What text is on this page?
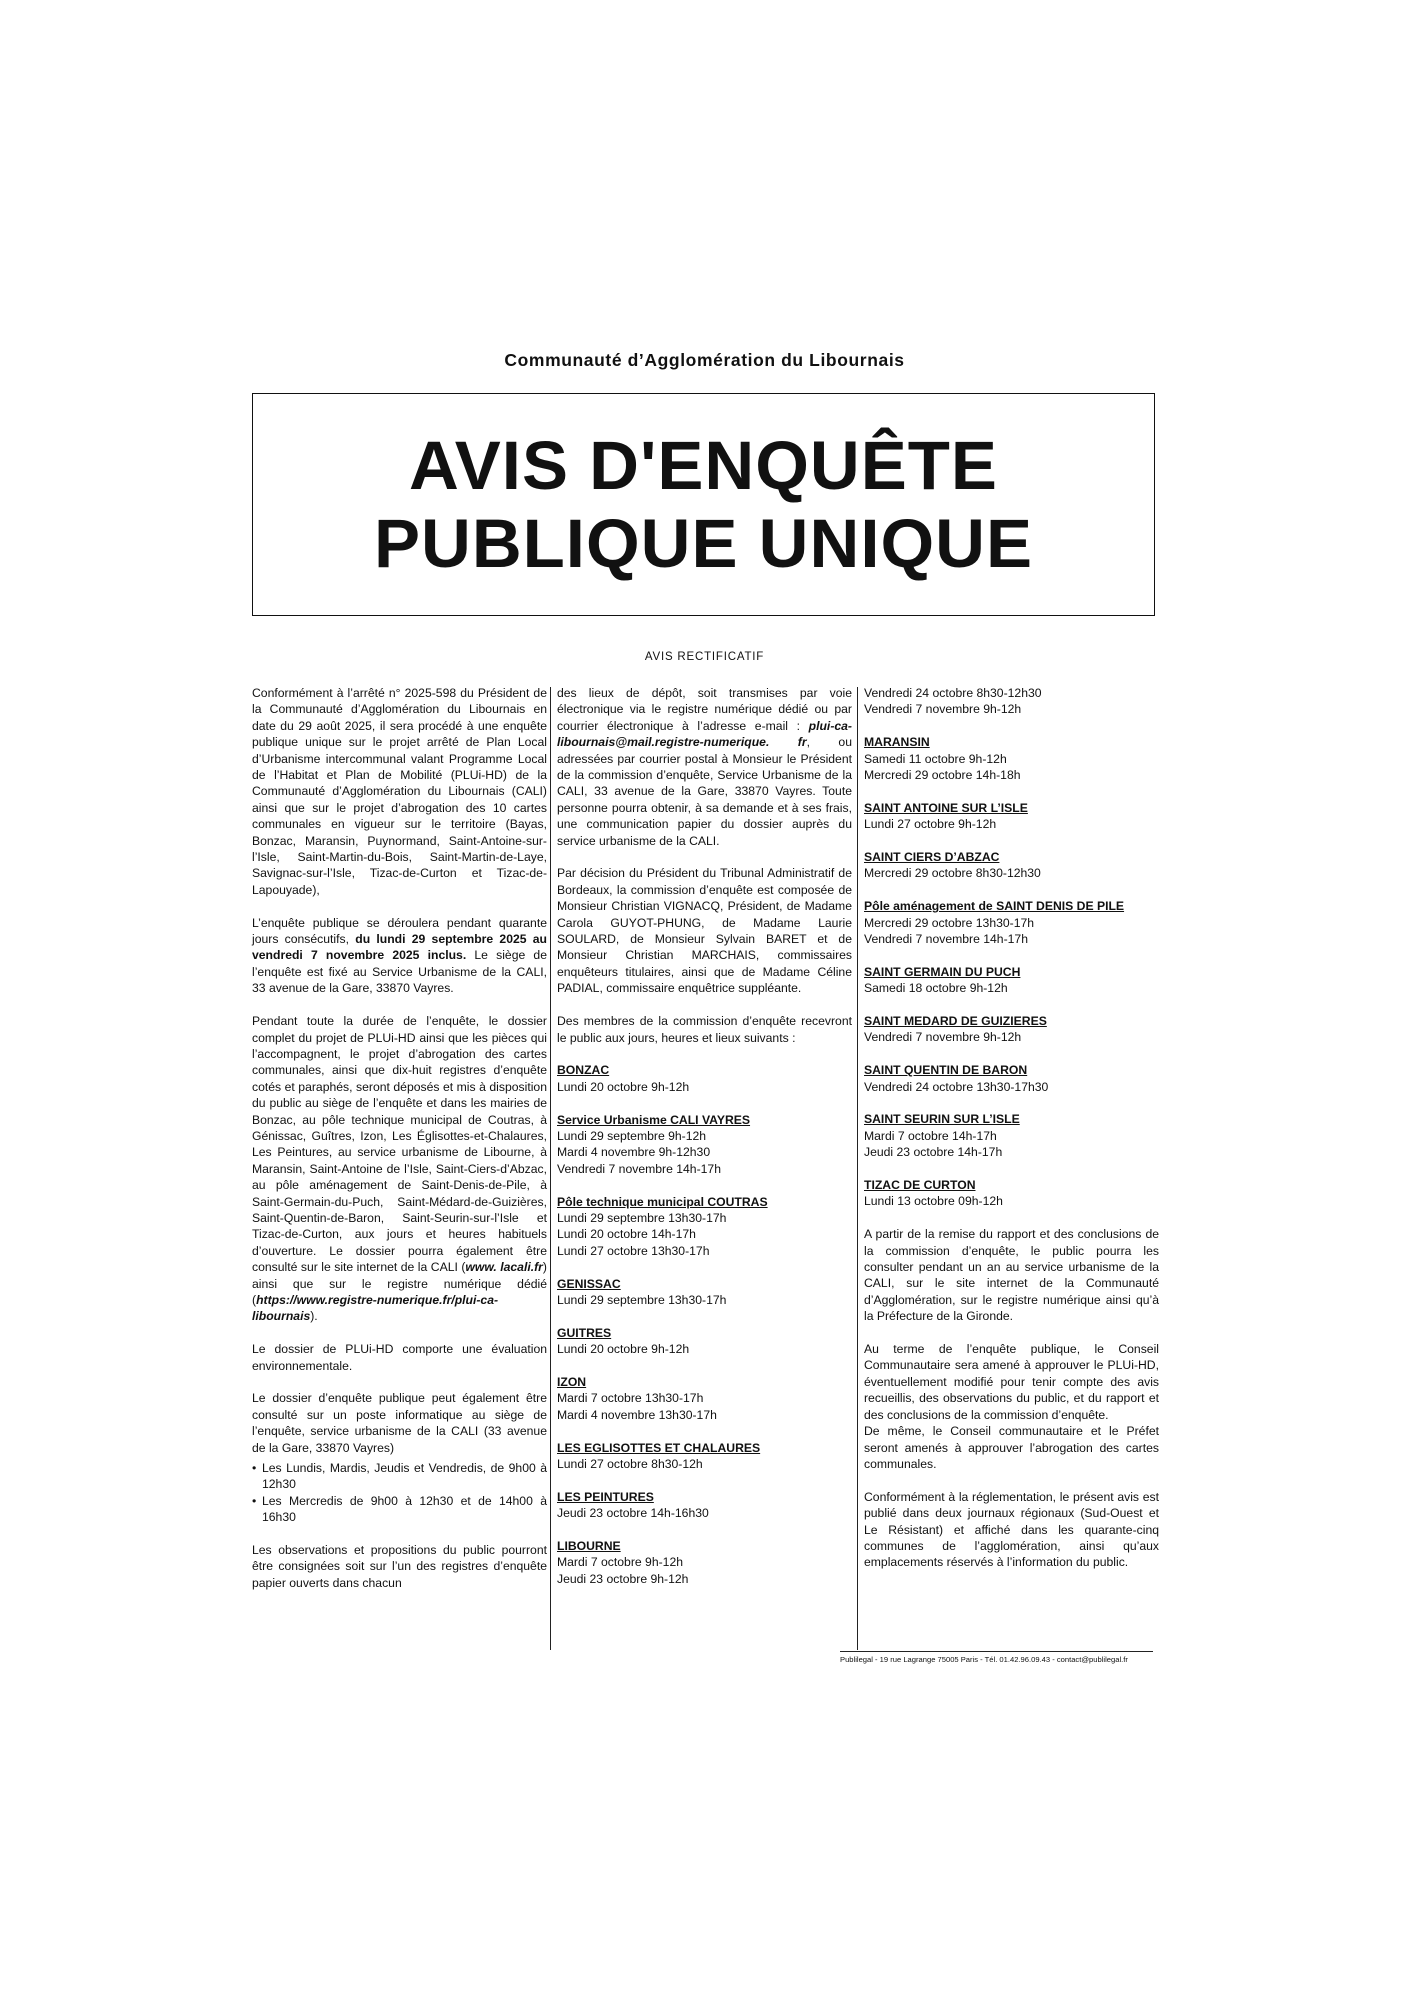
Communauté d’Agglomération du Libournais
AVIS D'ENQUÊTE
PUBLIQUE UNIQUE
AVIS RECTIFICATIF

Conformément à l’arrêté n° 2025-598 du Président de la Communauté d’Agglomération du Libournais en date du 29 août 2025, il sera procédé à une enquête publique unique sur le projet arrêté de Plan Local d’Urbanisme intercommunal valant Programme Local de l’Habitat et Plan de Mobilité (PLUi-HD) de la Communauté d’Agglomération du Libournais (CALI) ainsi que sur le projet d’abrogation des 10 cartes communales en vigueur sur le territoire (Bayas, Bonzac, Maransin, Puynormand, Saint-Antoine-sur-l’Isle, Saint-Martin-du-Bois, Saint-Martin-de-Laye, Savignac-sur-l’Isle, Tizac-de-Curton et Tizac-de-Lapouyade),

L’enquête publique se déroulera pendant quarante jours consécutifs, du lundi 29 septembre 2025 au vendredi 7 novembre 2025 inclus. Le siège de l’enquête est fixé au Service Urbanisme de la CALI, 33 avenue de la Gare, 33870 Vayres.

Pendant toute la durée de l’enquête, le dossier complet du projet de PLUi-HD ainsi que les pièces qui l’accompagnent, le projet d’abrogation des cartes communales, ainsi que dix-huit registres d’enquête cotés et paraphés, seront déposés et mis à disposition du public au siège de l’enquête et dans les mairies de Bonzac, au pôle technique municipal de Coutras, à Génissac, Guîtres, Izon, Les Églisottes-et-Chalaures, Les Peintures, au service urbanisme de Libourne, à Maransin, Saint-Antoine de l’Isle, Saint-Ciers-d’Abzac, au pôle aménagement de Saint-Denis-de-Pile, à Saint-Germain-du-Puch, Saint-Médard-de-Guizières, Saint-Quentin-de-Baron, Saint-Seurin-sur-l’Isle et Tizac-de-Curton, aux jours et heures habituels d’ouverture. Le dossier pourra également être consulté sur le site internet de la CALI (www. lacali.fr) ainsi que sur le registre numérique dédié (https://www.registre-numerique.fr/plui-ca-libournais).

Le dossier de PLUi-HD comporte une évaluation environnementale.

Le dossier d’enquête publique peut également être consulté sur un poste informatique au siège de l’enquête, service urbanisme de la CALI (33 avenue de la Gare, 33870 Vayres)

• Les Lundis, Mardis, Jeudis et Vendredis, de 9h00 à 12h30
• Les Mercredis de 9h00 à 12h30 et de 14h00 à 16h30

Les observations et propositions du public pourront être consignées soit sur l’un des registres d’enquête papier ouverts dans chacun

des lieux de dépôt, soit transmises par voie électronique via le registre numérique dédié ou par courrier électronique à l’adresse e-mail : plui-ca-libournais@mail.registre-numerique. fr, ou adressées par courrier postal à Monsieur le Président de la commission d’enquête, Service Urbanisme de la CALI, 33 avenue de la Gare, 33870 Vayres. Toute personne pourra obtenir, à sa demande et à ses frais, une communication papier du dossier auprès du service urbanisme de la CALI.

Par décision du Président du Tribunal Administratif de Bordeaux, la commission d’enquête est composée de Monsieur Christian VIGNACQ, Président, de Madame Carola GUYOT-PHUNG, de Madame Laurie SOULARD, de Monsieur Sylvain BARET et de Monsieur Christian MARCHAIS, commissaires enquêteurs titulaires, ainsi que de Madame Céline PADIAL, commissaire enquêtrice suppléante.

Des membres de la commission d’enquête recevront le public aux jours, heures et lieux suivants :

BONZAC

Lundi 20 octobre 9h-12h

Service Urbanisme CALI VAYRES

Lundi 29 septembre 9h-12h

Mardi 4 novembre 9h-12h30

Vendredi 7 novembre 14h-17h

Pôle technique municipal COUTRAS

Lundi 29 septembre 13h30-17h

Lundi 20 octobre 14h-17h

Lundi 27 octobre 13h30-17h

GENISSAC

Lundi 29 septembre 13h30-17h

GUITRES

Lundi 20 octobre 9h-12h

IZON

Mardi 7 octobre 13h30-17h

Mardi 4 novembre 13h30-17h

LES EGLISOTTES ET CHALAURES

Lundi 27 octobre 8h30-12h

LES PEINTURES

Jeudi 23 octobre 14h-16h30

LIBOURNE

Mardi 7 octobre 9h-12h

Jeudi 23 octobre 9h-12h

Vendredi 24 octobre 8h30-12h30

Vendredi 7 novembre 9h-12h

MARANSIN

Samedi 11 octobre 9h-12h

Mercredi 29 octobre 14h-18h

SAINT ANTOINE SUR L’ISLE

Lundi 27 octobre 9h-12h

SAINT CIERS D’ABZAC

Mercredi 29 octobre 8h30-12h30

Pôle aménagement de SAINT DENIS DE PILE

Mercredi 29 octobre 13h30-17h

Vendredi 7 novembre 14h-17h

SAINT GERMAIN DU PUCH

Samedi 18 octobre 9h-12h

SAINT MEDARD DE GUIZIERES

Vendredi 7 novembre 9h-12h

SAINT QUENTIN DE BARON

Vendredi 24 octobre 13h30-17h30

SAINT SEURIN SUR L’ISLE

Mardi 7 octobre 14h-17h

Jeudi 23 octobre 14h-17h

TIZAC DE CURTON

Lundi 13 octobre 09h-12h

A partir de la remise du rapport et des conclusions de la commission d’enquête, le public pourra les consulter pendant un an au service urbanisme de la CALI, sur le site internet de la Communauté d’Agglomération, sur le registre numérique ainsi qu’à la Préfecture de la Gironde.

Au terme de l’enquête publique, le Conseil Communautaire sera amené à approuver le PLUi-HD, éventuellement modifié pour tenir compte des avis recueillis, des observations du public, et du rapport et des conclusions de la commission d’enquête.

De même, le Conseil communautaire et le Préfet seront amenés à approuver l’abrogation des cartes communales.

Conformément à la réglementation, le présent avis est publié dans deux journaux régionaux (Sud-Ouest et Le Résistant) et affiché dans les quarante-cinq communes de l’agglomération, ainsi qu’aux emplacements réservés à l’information du public.

Publilegal - 19 rue Lagrange 75005 Paris - Tél. 01.42.96.09.43 - contact@publilegal.fr
